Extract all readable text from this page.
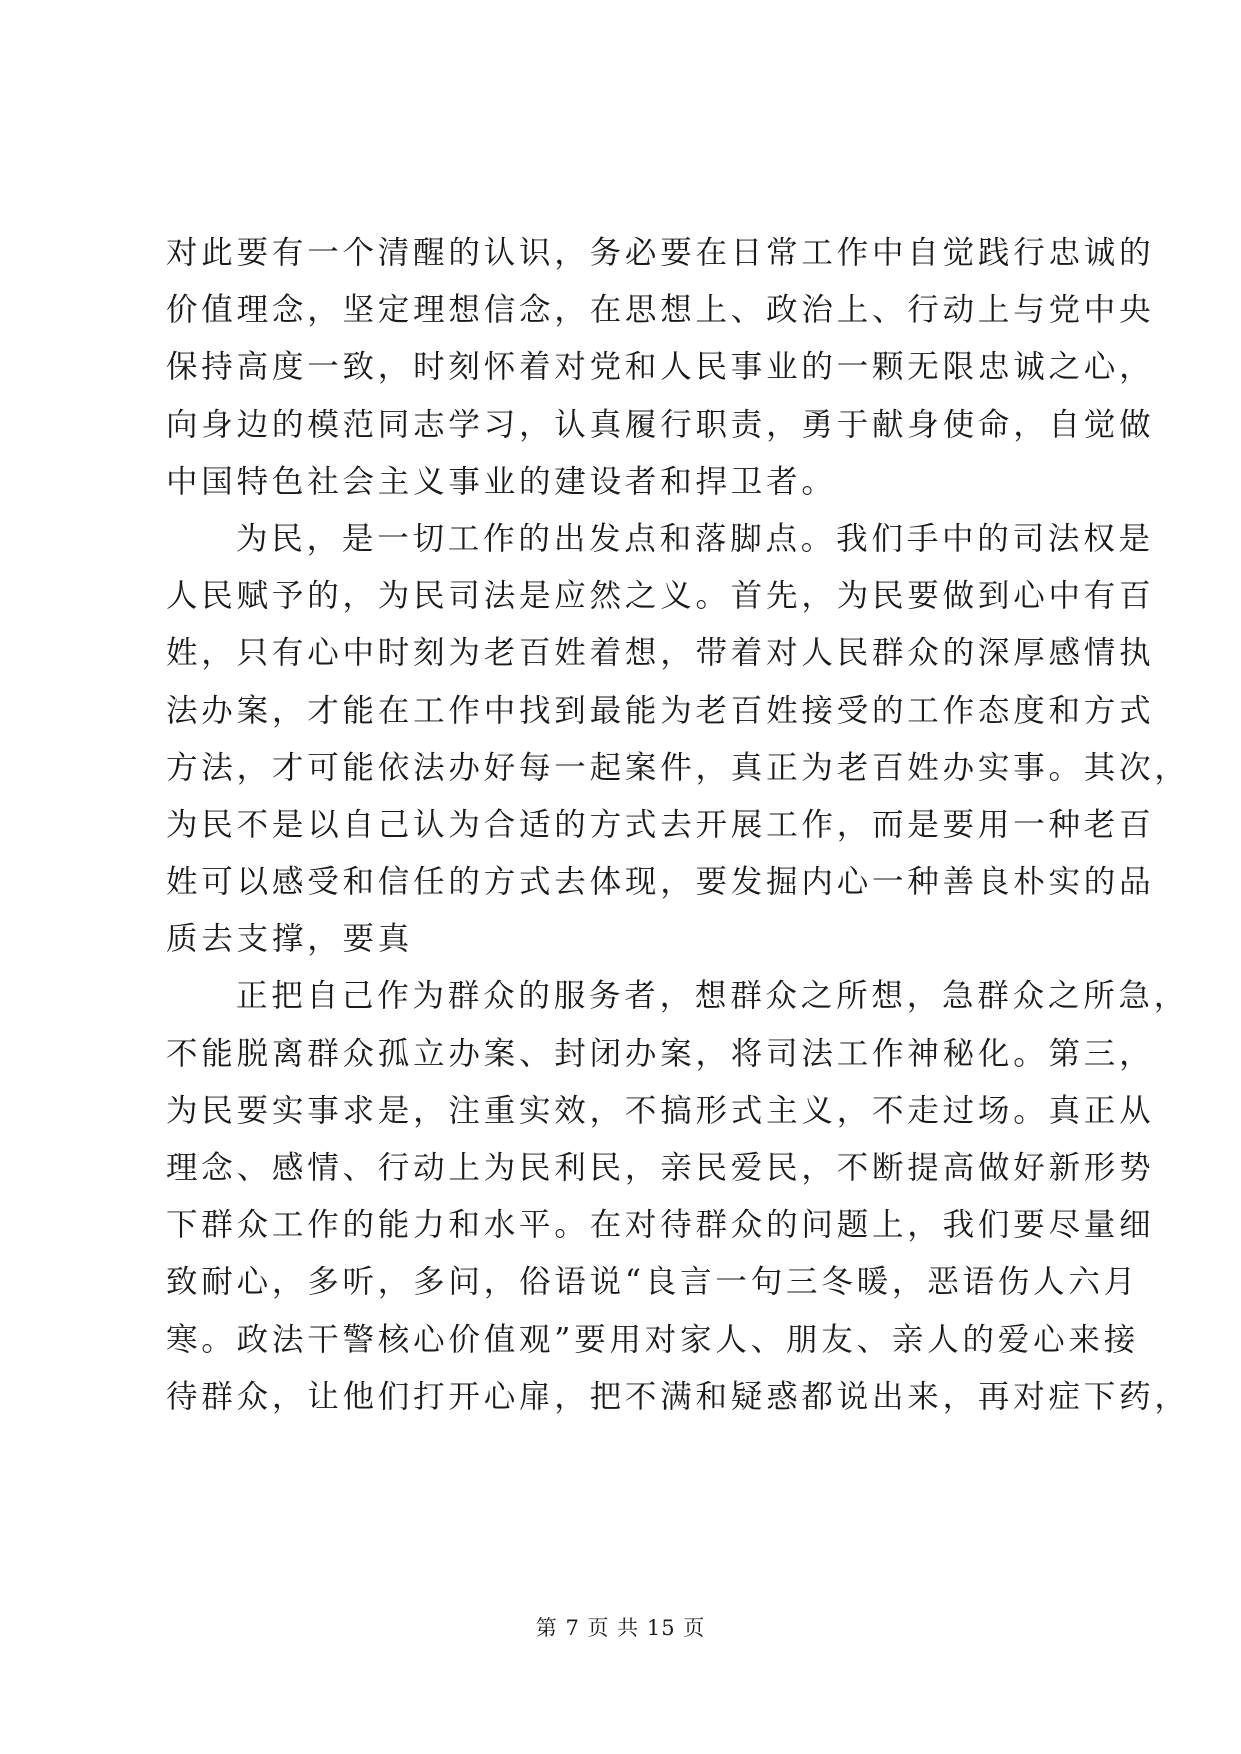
对此要有一个清醒的认识，务必要在日常工作中自觉践行忠诚的
价值理念，坚定理想信念，在思想上、政治上、行动上与党中央
保持高度一致，时刻怀着对党和人民事业的一颗无限忠诚之心，
向身边的模范同志学习，认真履行职责，勇于献身使命，自觉做
中国特色社会主义事业的建设者和捍卫者。
为民，是一切工作的出发点和落脚点。我们手中的司法权是
人民赋予的，为民司法是应然之义。首先，为民要做到心中有百
姓，只有心中时刻为老百姓着想，带着对人民群众的深厚感情执
法办案，才能在工作中找到最能为老百姓接受的工作态度和方式
方法，才可能依法办好每一起案件，真正为老百姓办实事。其次，
为民不是以自己认为合适的方式去开展工作，而是要用一种老百
姓可以感受和信任的方式去体现，要发掘内心一种善良朴实的品
质去支撑，要真
正把自己作为群众的服务者，想群众之所想，急群众之所急，
不能脱离群众孤立办案、封闭办案，将司法工作神秘化。第三，
为民要实事求是，注重实效，不搞形式主义，不走过场。真正从
理念、感情、行动上为民利民，亲民爱民，不断提高做好新形势
下群众工作的能力和水平。在对待群众的问题上，我们要尽量细
致耐心，多听，多问，俗语说“良言一句三冬暖，恶语伤人六月
寒。政法干警核心价值观”要用对家人、朋友、亲人的爱心来接
待群众，让他们打开心扉，把不满和疑惑都说出来，再对症下药，
第 7 页 共 15 页
